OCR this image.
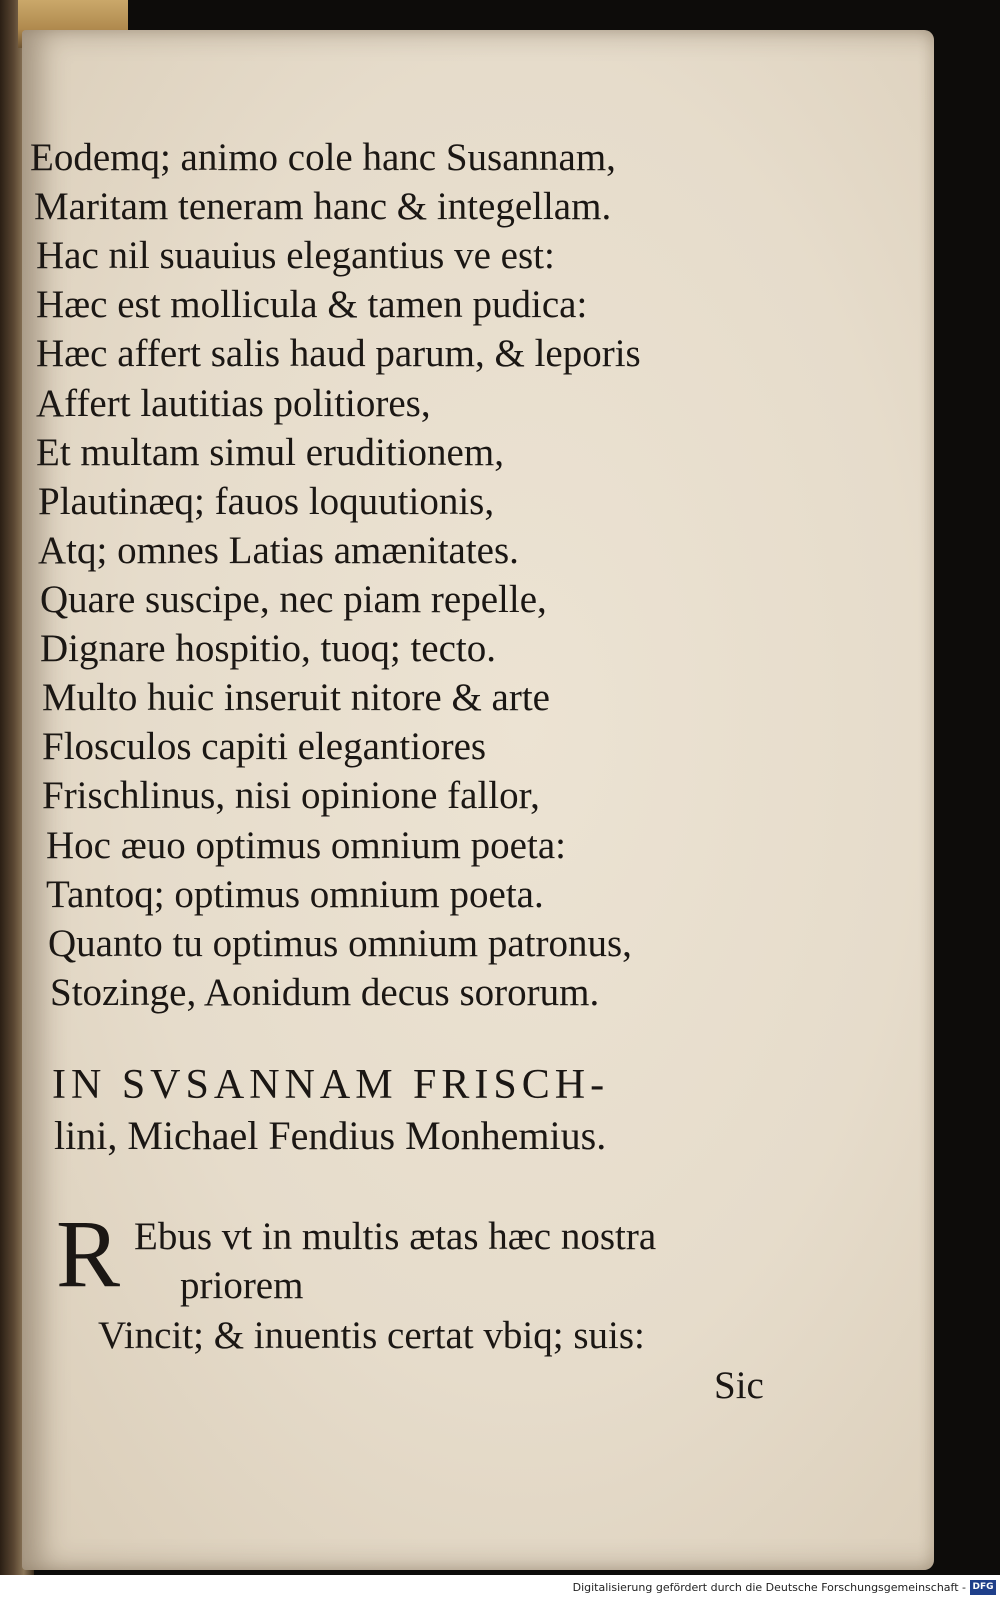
Eodemq; animo cole hanc Susannam,
Maritam teneram hanc & integellam.
Hac nil suauius elegantius ve est:
Hæc est mollicula & tamen pudica:
Hæc affert salis haud parum, & leporis
Affert lautitias politiores,
Et multam simul eruditionem,
Plautinæq; fauos loquutionis,
Atq; omnes Latias amænitates.
Quare suscipe, nec piam repelle,
Dignare hospitio, tuoq; tecto.
Multo huic inseruit nitore & arte
Flosculos capiti elegantiores
Frischlinus, nisi opinione fallor,
Hoc æuo optimus omnium poeta:
Tantoq; optimus omnium poeta.
Quanto tu optimus omnium patronus,
Stozinge, Aonidum decus sororum.
IN SVSANNAM FRISCH-
lini, Michael Fendius Monhemius.
R Ebus vt in multis ætas hæc nostra
priorem
Vincit; & inuentis certat vbiq; suis:
Sic
Digitalisierung gefördert durch die Deutsche Forschungsgemeinschaft - DFG
